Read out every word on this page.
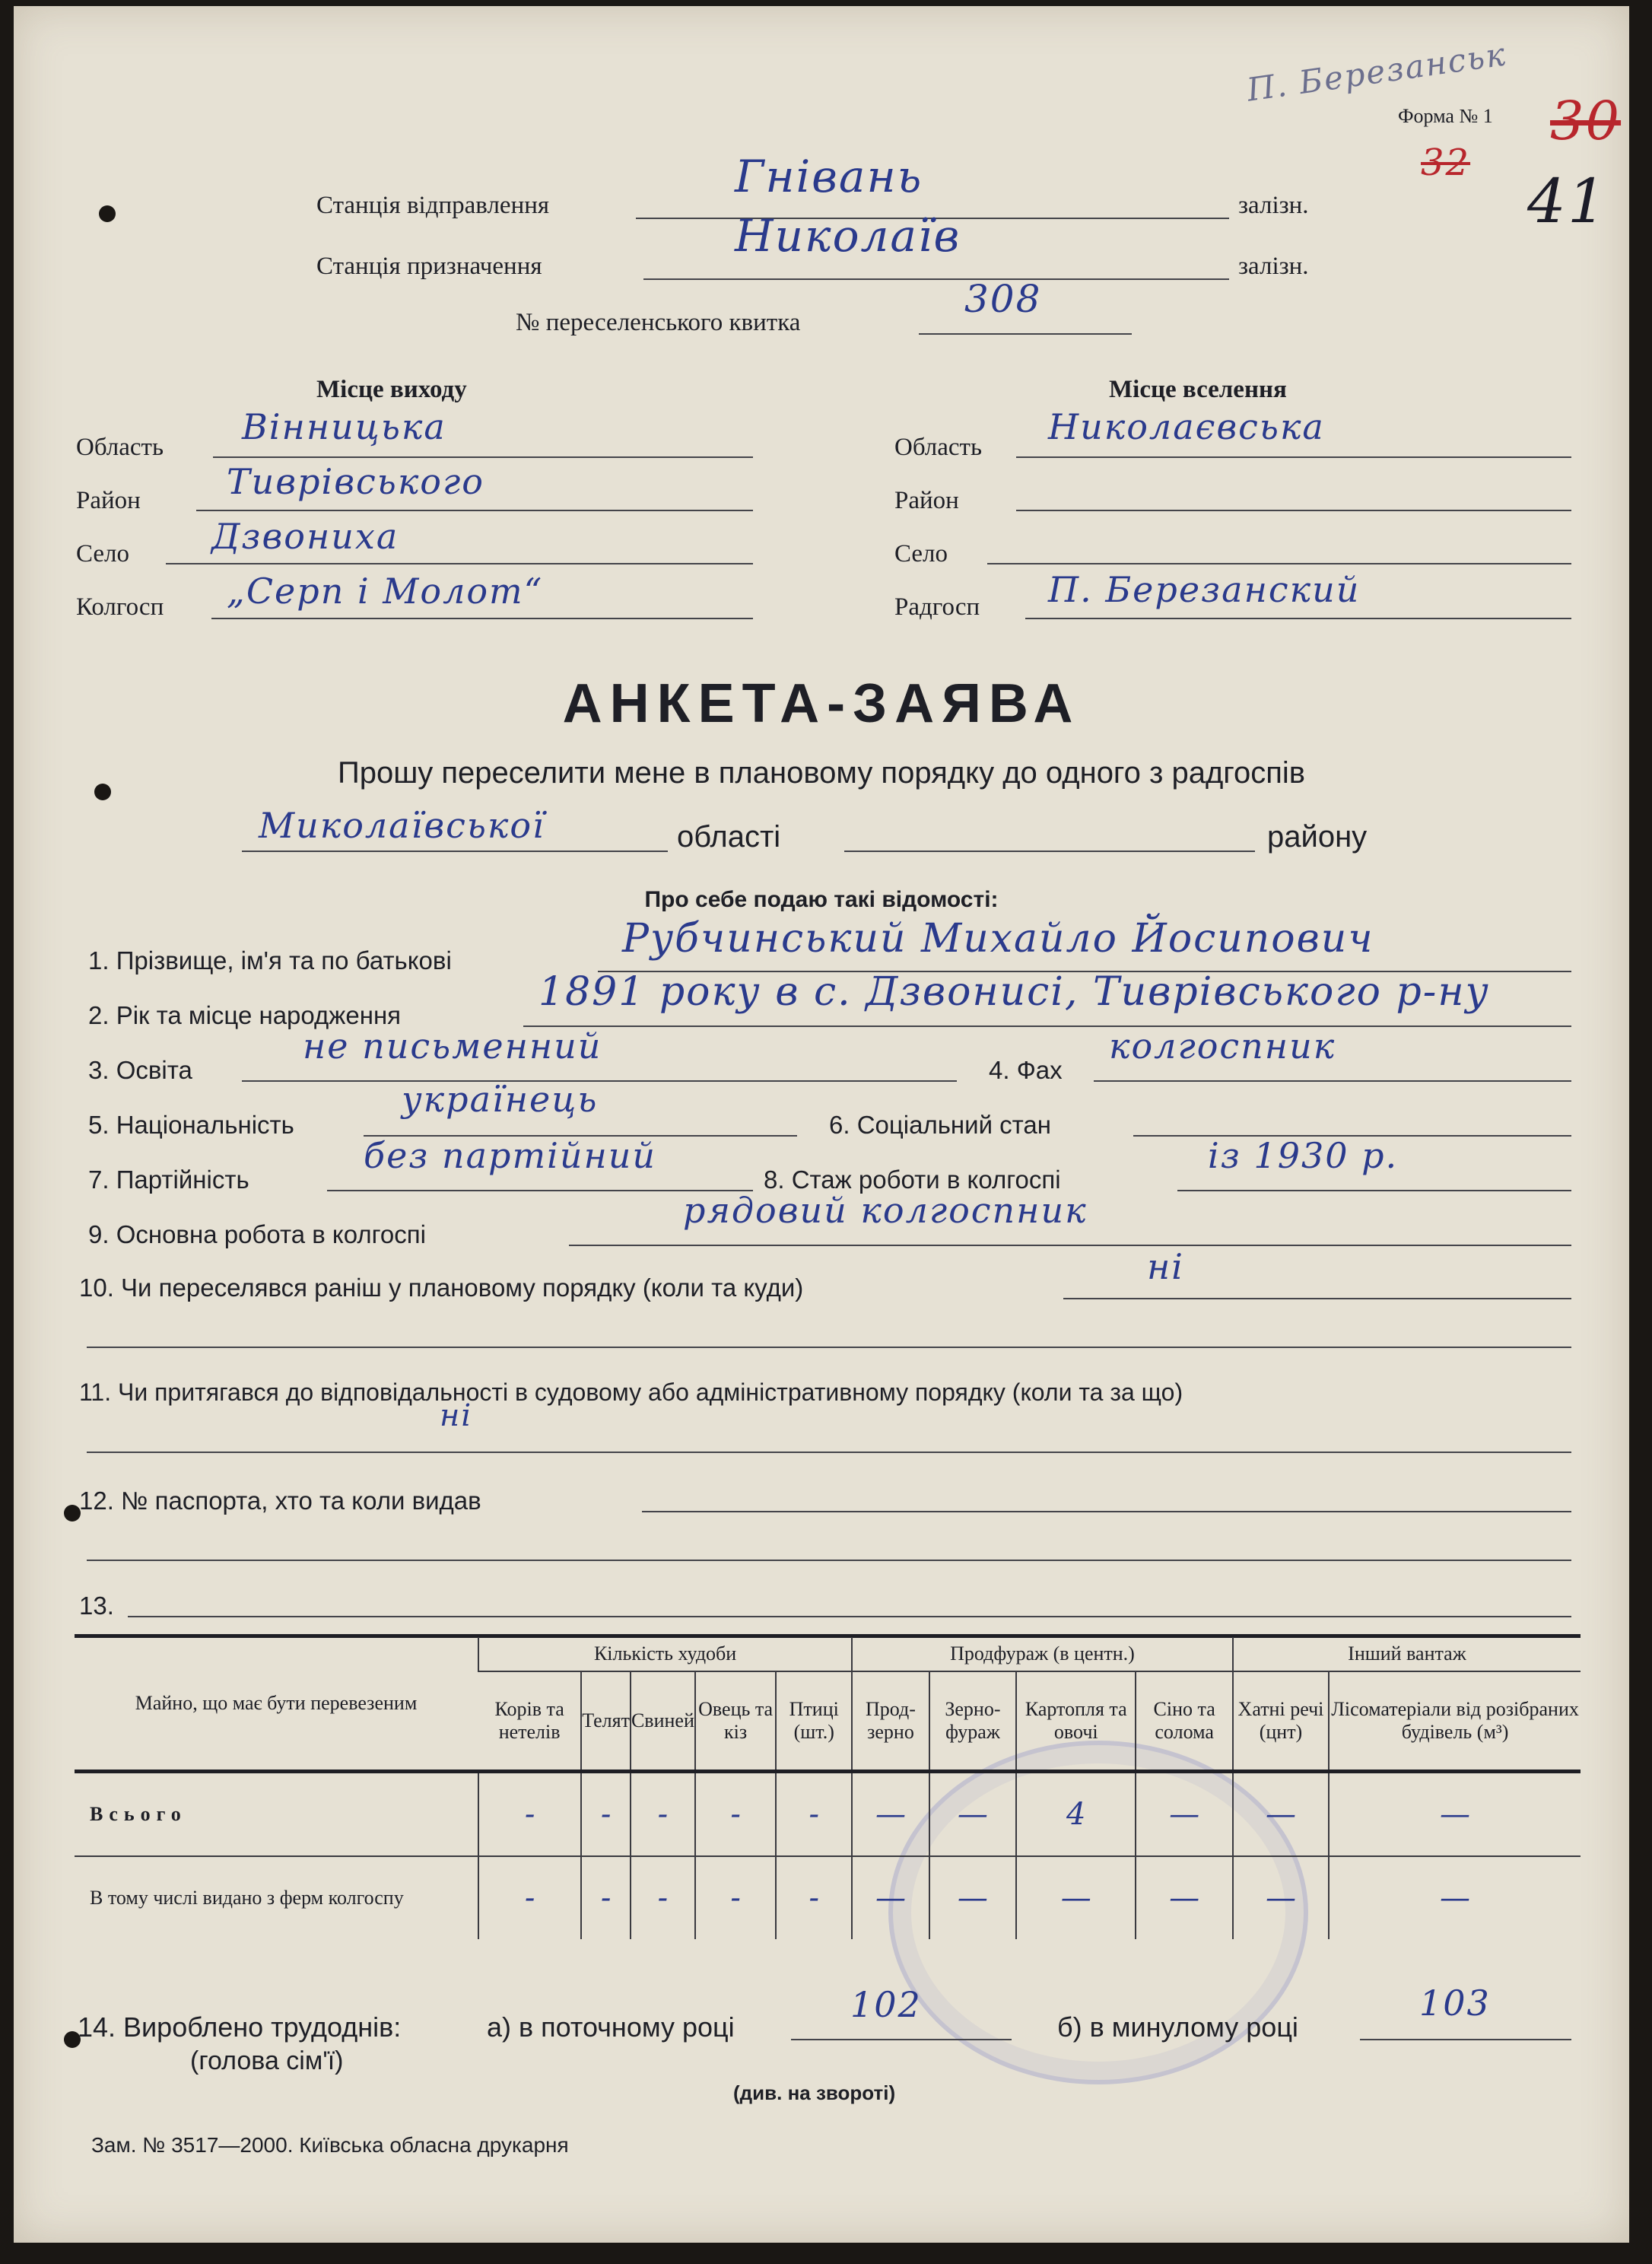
П. Березанськ
Форма № 1 30
32
41
Станція відправлення
Гнівань
залізн.
Станція призначення
Николаїв
залізн.
№ переселенського квитка
308
Місце виходу	Місце вселення
Область Вінницька
Район Тиврівського
Село Дзвониха
Колгосп „Серп і Молот“
Область Николаєвська
Район
Село
Радгосп П. Березанский
АНКЕТА-ЗАЯВА
Прошу переселити мене в плановому порядку до одного з радгоспів
Миколаївської	області	району
Про себе подаю такі відомості:
1. Прізвище, ім'я та по батькові	Рубчинський Михайло Йосипович
2. Рік та місце народження
1891 року в с. Дзвонисі, Тиврівського р-ну
3. Освіта
не письменний
4. Фах
колгоспник
5. Національність
українець
6. Соціальний стан
7. Партійність
без партійний
8. Стаж роботи в колгоспі
із 1930 р.
9. Основна робота в колгоспі
рядовий колгоспник
10. Чи переселявся раніш у плановому порядку (коли та куди)
ні
11. Чи притягався до відповідальності в судовому або адміністративному порядку (коли та за що)
ні
12. № паспорта, хто та коли видав
13.
Майно, що має бути перевезеним	Кількість худоби					Продфураж (в центн.)				Інший вантаж	
	Корів та нетелів	Телят	Свиней	Овець та кіз	Птиці (шт.)	Прод-зерно	Зерно-фураж	Картопля та овочі	Сіно та солома	Хатні речі (цнт)	Лісоматеріали від розібраних будівель (м³)
Всього	-	-	-	-	-	—	—	4	—	—	—
В тому числі видано з ферм колгоспу	-	-	-	-	-	—	—	—	—	—	—
14. Вироблено трудоднів:
(голова сім'ї)
а) в поточному році
102
б) в минулому році
103
(див. на звороті)
Зам. № 3517—2000. Київська обласна друкарня
